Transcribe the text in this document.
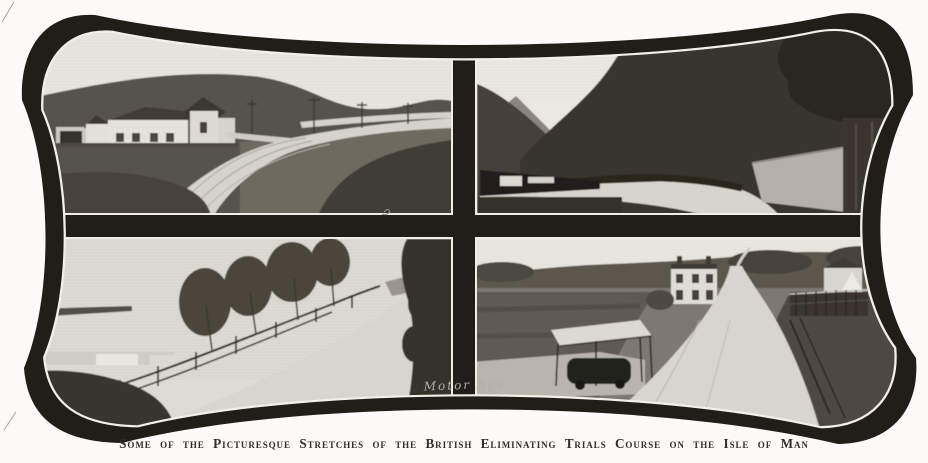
Motor Age
Some of the Picturesque Stretches of the British Eliminating Trials Course on the Isle of Man
